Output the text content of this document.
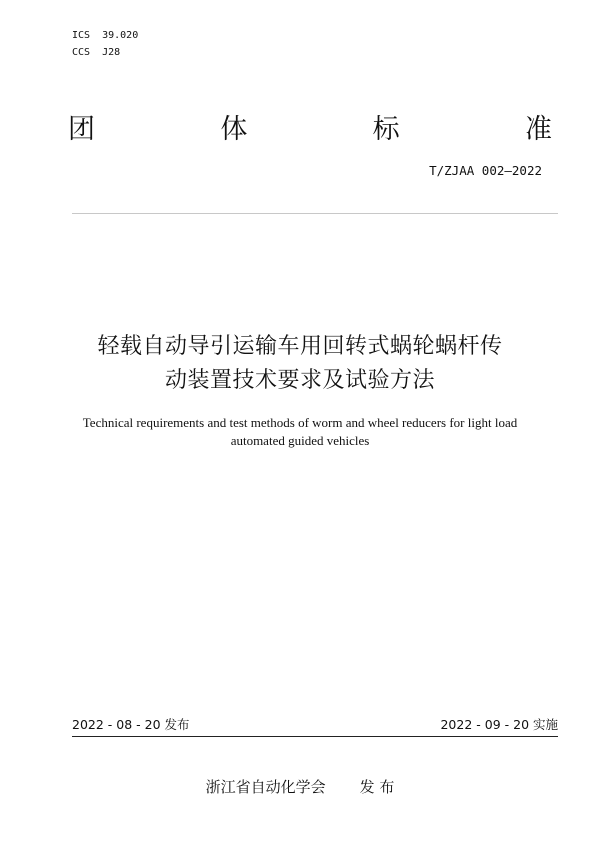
ICS  39.020
CCS  J28
团	体	标	准
T/ZJAA 002—2022
轻载自动导引运输车用回转式蜗轮蜗杆传
动装置技术要求及试验方法
Technical requirements and test methods of worm and wheel reducers for light load
automated guided vehicles
2022 - 08 - 20 发布	2022 - 09 - 20 实施
浙江省自动化学会 发 布
